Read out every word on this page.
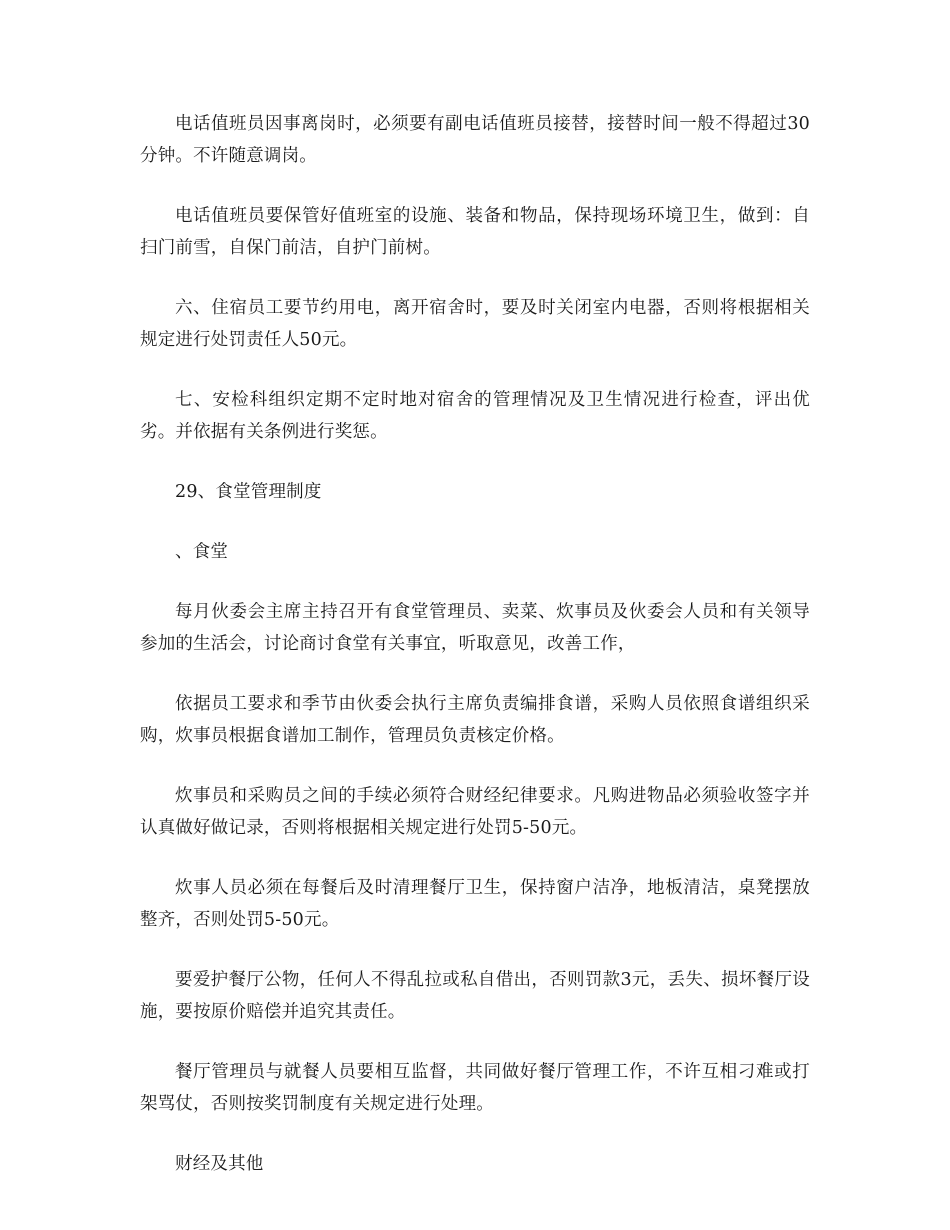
电话值班员因事离岗时，必须要有副电话值班员接替，接替时间一般不得超过30分钟。不许随意调岗。

电话值班员要保管好值班室的设施、装备和物品，保持现场环境卫生，做到：自扫门前雪，自保门前洁，自护门前树。

六、住宿员工要节约用电，离开宿舍时，要及时关闭室内电器，否则将根据相关规定进行处罚责任人50元。

七、安检科组织定期不定时地对宿舍的管理情况及卫生情况进行检查，评出优劣。并依据有关条例进行奖惩。

29、食堂管理制度

、食堂

每月伙委会主席主持召开有食堂管理员、卖菜、炊事员及伙委会人员和有关领导参加的生活会，讨论商讨食堂有关事宜，听取意见，改善工作，

依据员工要求和季节由伙委会执行主席负责编排食谱，采购人员依照食谱组织采购，炊事员根据食谱加工制作，管理员负责核定价格。

炊事员和采购员之间的手续必须符合财经纪律要求。凡购进物品必须验收签字并认真做好做记录，否则将根据相关规定进行处罚5-50元。

炊事人员必须在每餐后及时清理餐厅卫生，保持窗户洁净，地板清洁，桌凳摆放整齐，否则处罚5-50元。

要爱护餐厅公物，任何人不得乱拉或私自借出，否则罚款3元，丢失、损坏餐厅设施，要按原价赔偿并追究其责任。

餐厅管理员与就餐人员要相互监督，共同做好餐厅管理工作，不许互相刁难或打架骂仗，否则按奖罚制度有关规定进行处理。

财经及其他
